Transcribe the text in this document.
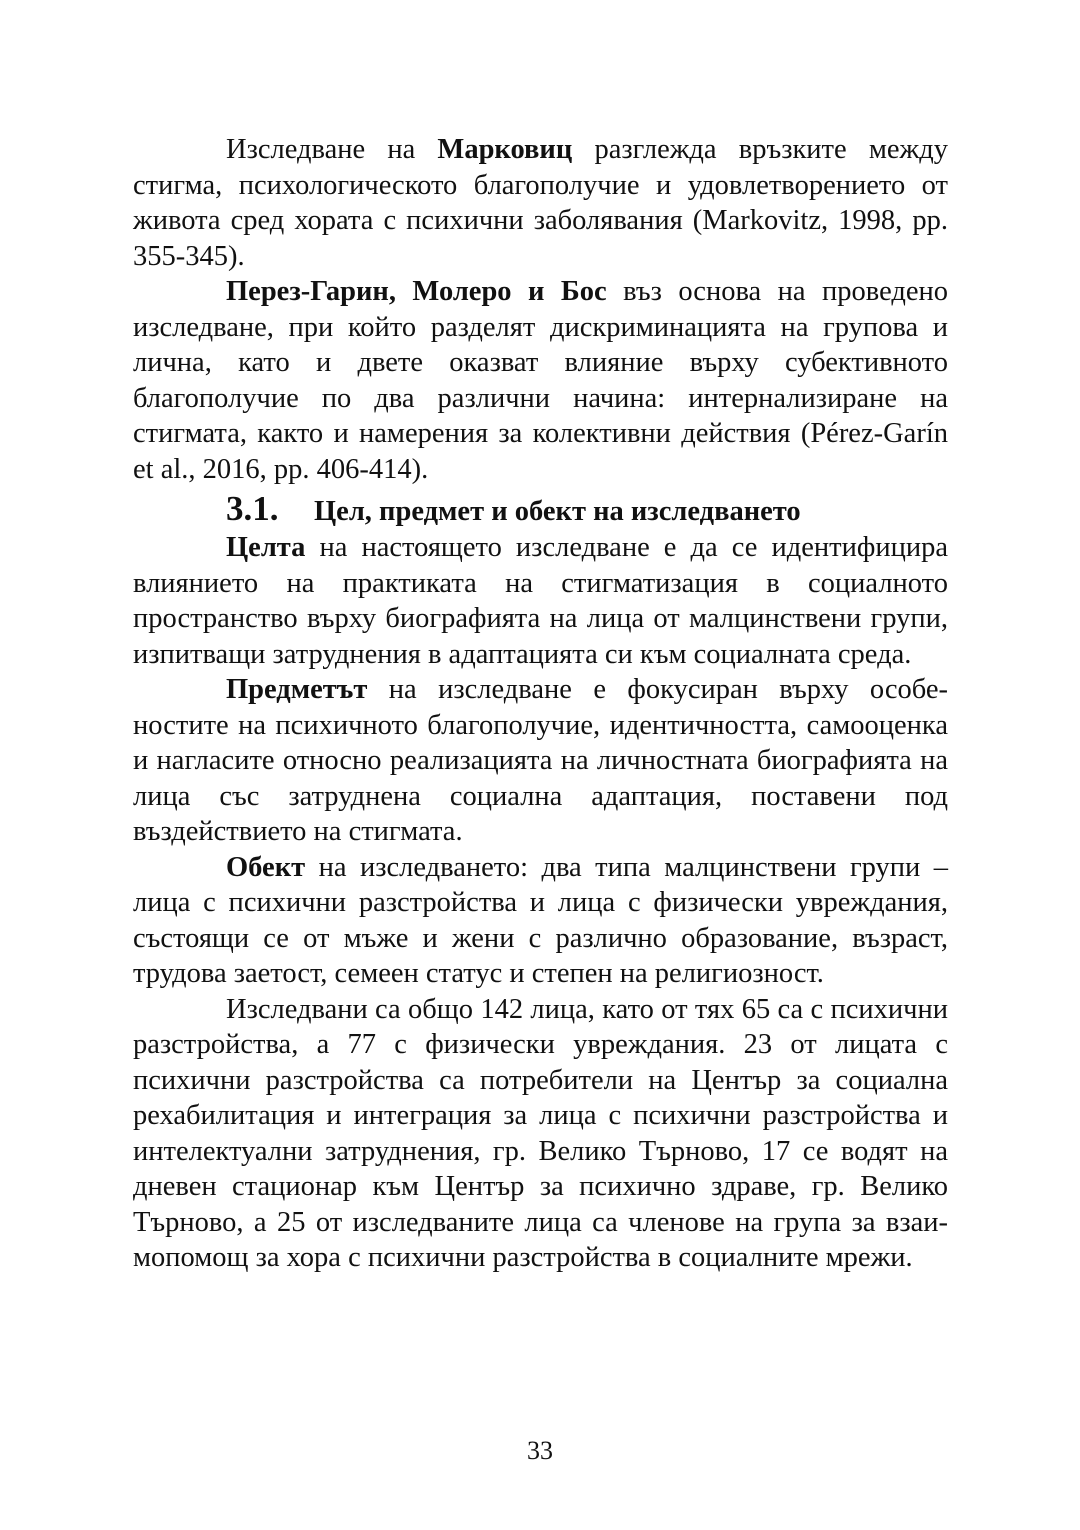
Изследване на Марковиц разглежда връзките между стигма, психологическото благополучие и удовлетворението от живота сред хората с психични заболявания (Markovitz, 1998, pp. 355-345).

Перез-Гарин, Молеро и Бос въз основа на проведено изследване, при който разделят дискриминацията на групова и лична, като и двете оказват влияние върху субективното благополучие по два различни начина: интернализиране на стигмата, както и намерения за колективни действия (Pérez-Garín et al., 2016, pp. 406-414).

3.1. Цел, предмет и обект на изследването

Целта на настоящето изследване е да се идентифицира влиянието на практиката на стигматизация в социалното пространство върху биографията на лица от малцинствени групи, изпитващи затруднения в адаптацията си към социалната среда.

Предметът на изследване е фокусиран върху особеностите на психичното благополучие, идентичността, самооценка и нагласите относно реализацията на личностната биографията на лица със затруднена социална адаптация, поставени под въздействието на стигмата.

Обект на изследването: два типа малцинствени групи – лица с психични разстройства и лица с физически увреждания, състоящи се от мъже и жени с различно образование, възраст, трудова заетост, семеен статус и степен на религиозност.

Изследвани са общо 142 лица, като от тях 65 са с психични разстройства, а 77 с физически увреждания. 23 от лицата с психични разстройства са потребители на Център за социална рехабилитация и интеграция за лица с психични разстройства и интелектуални затруднения, гр. Велико Търново, 17 се водят на дневен стационар към Център за психично здраве, гр. Велико Търново, а 25 от изследваните лица са членове на група за взаимопомощ за хора с психични разстройства в социалните мрежи.

33
